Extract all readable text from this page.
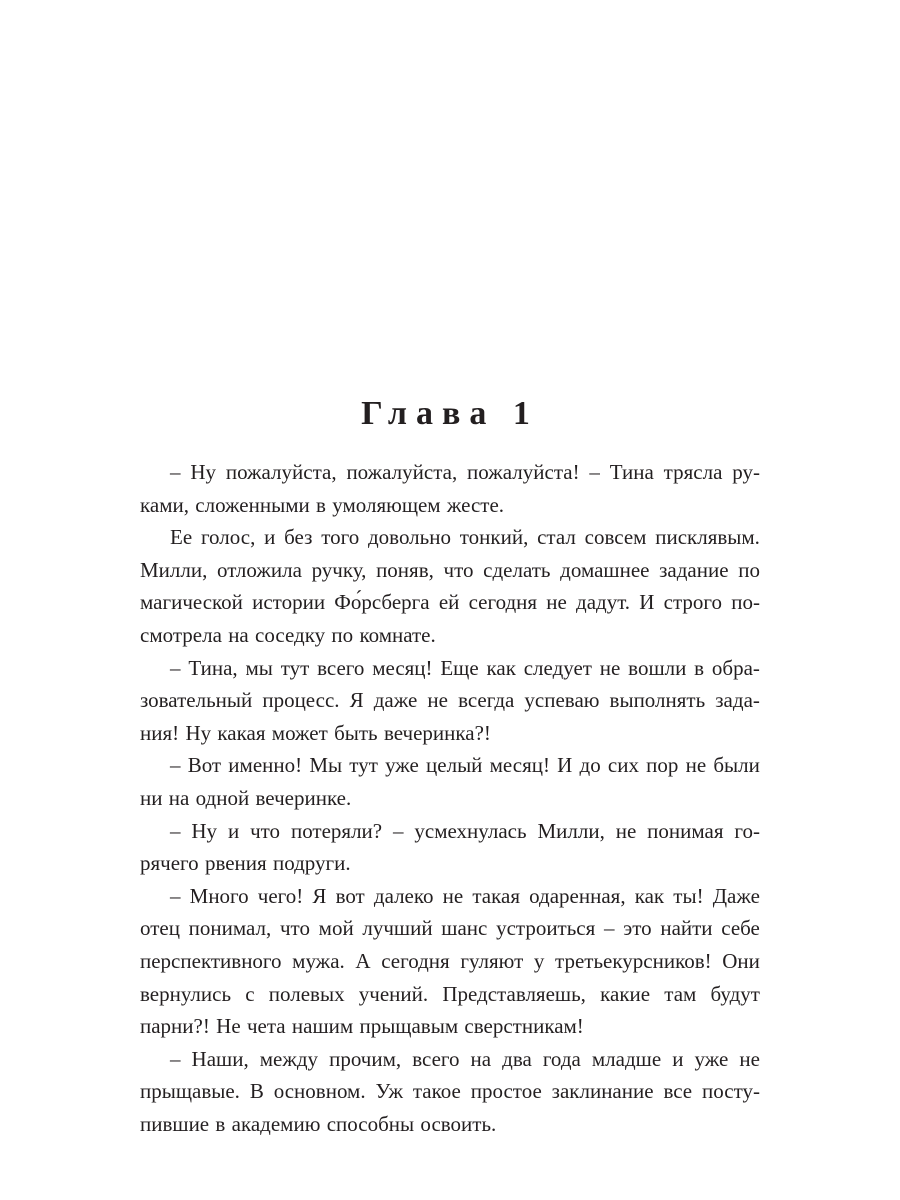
Глава 1
– Ну пожалуйста, пожалуйста, пожалуйста! – Тина трясла ру-
ками, сложенными в умоляющем жесте.
Ее голос, и без того довольно тонкий, стал совсем писклявым.
Милли, отложила ручку, поняв, что сделать домашнее задание по
магической истории Фо́рсберга ей сегодня не дадут. И строго по-
смотрела на соседку по комнате.
– Тина, мы тут всего месяц! Еще как следует не вошли в обра-
зовательный процесс. Я даже не всегда успеваю выполнять зада-
ния! Ну какая может быть вечеринка?!
– Вот именно! Мы тут уже целый месяц! И до сих пор не были
ни на одной вечеринке.
– Ну и что потеряли? – усмехнулась Милли, не понимая го-
рячего рвения подруги.
– Много чего! Я вот далеко не такая одаренная, как ты! Даже
отец понимал, что мой лучший шанс устроиться – это найти себе
перспективного мужа. А сегодня гуляют у третьекурсников! Они
вернулись с полевых учений. Представляешь, какие там будут
парни?! Не чета нашим прыщавым сверстникам!
– Наши, между прочим, всего на два года младше и уже не
прыщавые. В основном. Уж такое простое заклинание все посту-
пившие в академию способны освоить.
